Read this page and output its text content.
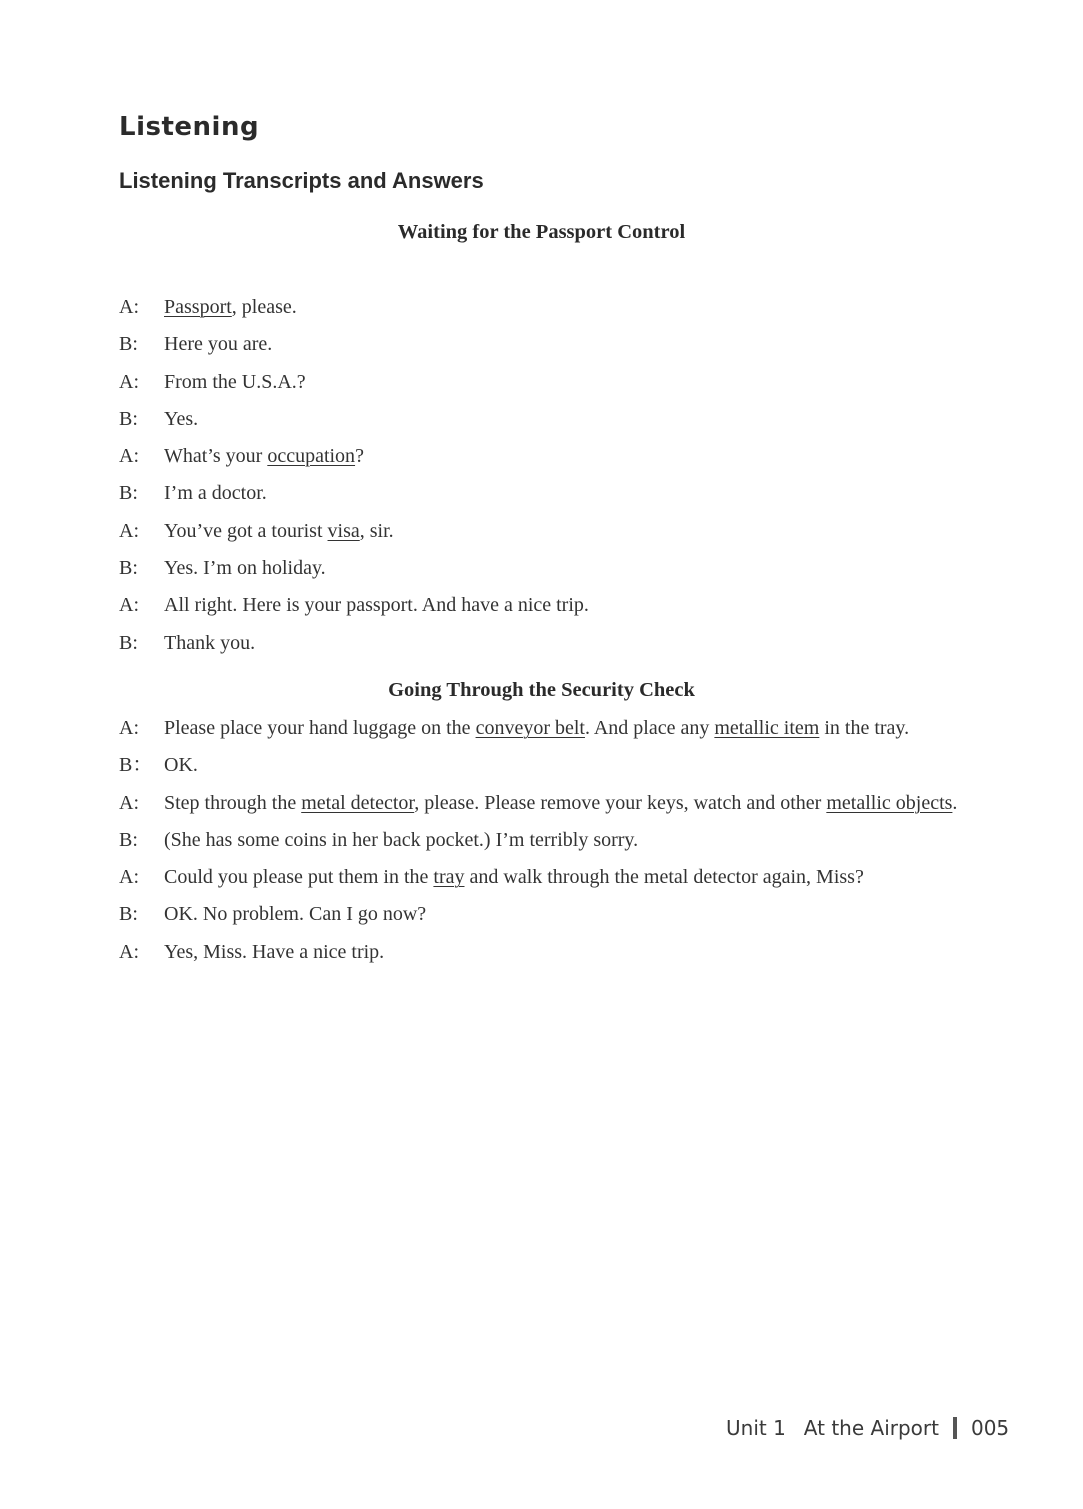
Listening
Listening Transcripts and Answers
Waiting for the Passport Control
A:	Passport, please.
B:	Here you are.
A:	From the U.S.A.?
B:	Yes.
A:	What’s your occupation?
B:	I’m a doctor.
A:	You’ve got a tourist visa, sir.
B:	Yes. I’m on holiday.
A:	All right. Here is your passport. And have a nice trip.
B:	Thank you.
Going Through the Security Check
A:	Please place your hand luggage on the conveyor belt. And place any metallic item in the tray.
B： OK.
A:	Step through the metal detector, please. Please remove your keys, watch and other metallic objects.
B:	(She has some coins in her back pocket.) I’m terribly sorry.
A:	Could you please put them in the tray and walk through the metal detector again, Miss?
B:	OK. No problem. Can I go now?
A:	Yes, Miss. Have a nice trip.
Unit 1 At the Airport 005
